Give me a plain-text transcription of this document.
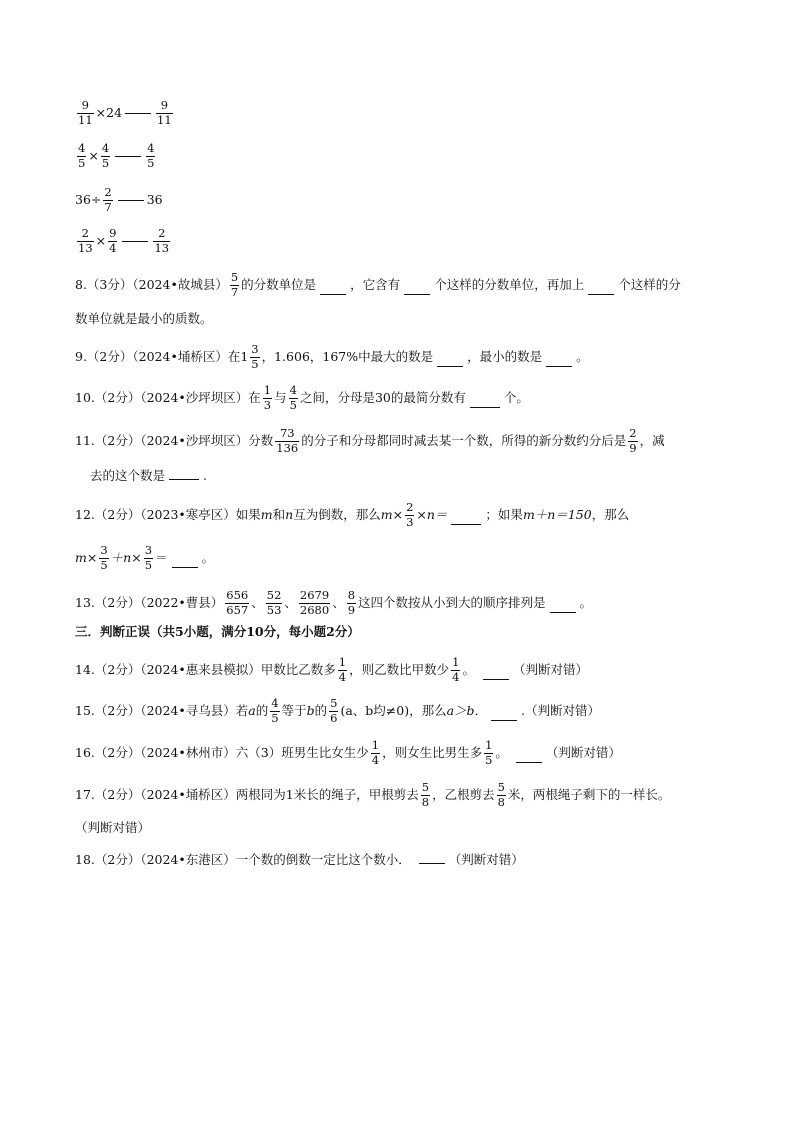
$\frac{9}{11} \times 24$	$\frac{9}{11}$
$\frac{4}{5} \times \frac{4}{5}$	$\frac{4}{5}$
$36\div \frac{2}{7}$	36
$\frac{2}{13} \times \frac{9}{4}$	$\frac{2}{13}$
8.（3分）（2024•故城县） $\frac{5}{7}$ 的分数单位是	，它含有	个这样的分数单位，再加上	个这样的分
数单位就是最小的质数。
9.（2分）（2024•埇桥区）在$1 \frac{3}{5}$ ，1.606，167%中最大的数是	，最小的数是	。
10.（2分）（2024•沙坪坝区）在 $\frac{1}{3}$ 与 $\frac{4}{5}$ 之间，分母是30的最简分数有	个。
11.（2分）（2024•沙坪坝区）分数 $\frac{73}{136}$ 的分子和分母都同时减去某一个数，所得的新分数约分后是 $\frac{2}{9}$ ，减
去的这个数是	.
12.（2分）（2023•寒亭区）如果 m 和 n 互为倒数，那么 $m\times \frac{2}{3} \times n=$	；如果 m＋n＝150 ，那么
$m\times \frac{3}{5} +n\times \frac{3}{5}$ ＝	。
13.（2分）（2022•曹县） $\frac{656}{657}$ 、 $\frac{52}{53}$ 、 $\frac{2679}{2680}$ 、 $\frac{8}{9}$ 这四个数按从小到大的顺序排列是	。
三．判断正误（共5小题，满分10分，每小题2分）
14.（2分）（2024•惠来县模拟）甲数比乙数多 $\frac{1}{4}$ ，则乙数比甲数少 $\frac{1}{4}$ 。	（判断对错）
15.（2分）（2024•寻乌县）若 a 的 $\frac{4}{5}$ 等于 b 的 $\frac{5}{6} (a$、b均≠0)，那么 a＞b．	.（判断对错）
16.（2分）（2024•林州市）六（3）班男生比女生少 $\frac{1}{4}$ ，则女生比男生多 $\frac{1}{5}$ 。	（判断对错）
17.（2分）（2024•埇桥区）两根同为1米长的绳子，甲根剪去 $\frac{5}{8}$ ，乙根剪去 $\frac{5}{8}$ 米，两根绳子剩下的一样长。
（判断对错）
18.（2分）（2024•东港区）一个数的倒数一定比这个数小．	（判断对错）
